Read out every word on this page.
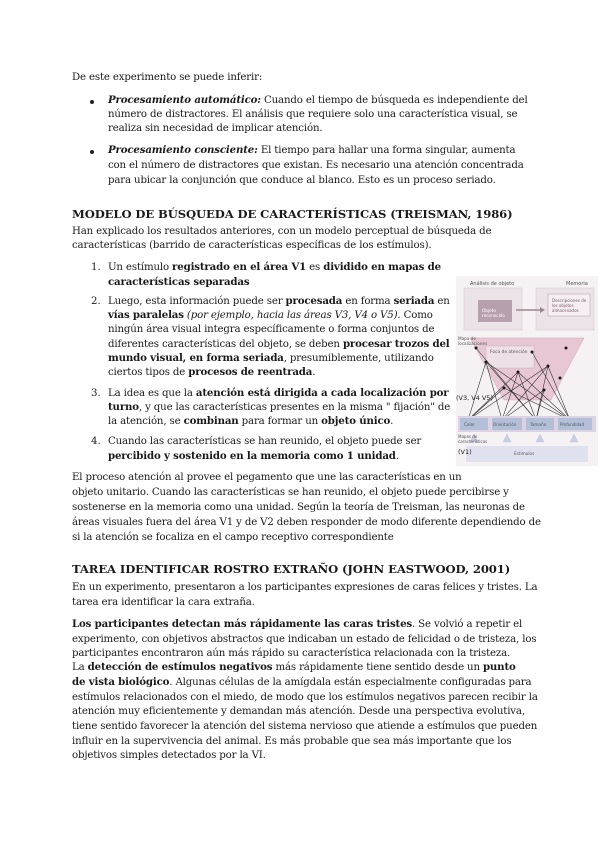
De este experimento se puede inferir:
Procesamiento automático: Cuando el tiempo de búsqueda es independiente del
número de distractores. El análisis que requiere solo una característica visual, se
realiza sin necesidad de implicar atención.
Procesamiento consciente: El tiempo para hallar una forma singular, aumenta
con el número de distractores que existan. Es necesario una atención concentrada
para ubicar la conjunción que conduce al blanco. Esto es un proceso seriado.
MODELO DE BÚSQUEDA DE CARACTERÍSTICAS (TREISMAN, 1986)
Han explicado los resultados anteriores, con un modelo perceptual de búsqueda de
características (barrido de características específicas de los estímulos).
1. Un estímulo registrado en el área V1 es dividido en mapas de
características separadas
2. Luego, esta información puede ser procesada en forma seriada en
vías paralelas (por ejemplo, hacia las áreas V3, V4 o V5). Como
ningún área visual integra específicamente o forma conjuntos de
diferentes características del objeto, se deben procesar trozos del
mundo visual, en forma seriada, presumiblemente, utilizando
ciertos tipos de procesos de reentrada.
3. La idea es que la atención está dirigida a cada localización por
turno, y que las características presentes en la misma " fijación" de
la atención, se combinan para formar un objeto único.
4. Cuando las características se han reunido, el objeto puede ser
percibido y sostenido en la memoria como 1 unidad.
Análisis de objeto	Memoria
Objeto reconocido
Descripciones de los objetos almacenados
Mapa de localizaciones
Foco de atención
Color	Orientación	Tamaño	Profundidad
Mapas de características
Estímulos
(V3, V4 V5)
(V1)
El proceso atención al provee el pegamento que une las características en un
objeto unitario. Cuando las características se han reunido, el objeto puede percibirse y
sostenerse en la memoria como una unidad. Según la teoría de Treisman, las neuronas de
áreas visuales fuera del área V1 y de V2 deben responder de modo diferente dependiendo de
si la atención se focaliza en el campo receptivo correspondiente
TAREA IDENTIFICAR ROSTRO EXTRAÑO (JOHN EASTWOOD, 2001)
En un experimento, presentaron a los participantes expresiones de caras felices y tristes. La
tarea era identificar la cara extraña.
Los participantes detectan más rápidamente las caras tristes. Se volvió a repetir el
experimento, con objetivos abstractos que indicaban un estado de felicidad o de tristeza, los
participantes encontraron aún más rápido su característica relacionada con la tristeza.
La detección de estímulos negativos más rápidamente tiene sentido desde un punto
de vista biológico. Algunas células de la amígdala están especialmente configuradas para
estímulos relacionados con el miedo, de modo que los estímulos negativos parecen recibir la
atención muy eficientemente y demandan más atención. Desde una perspectiva evolutiva,
tiene sentido favorecer la atención del sistema nervioso que atiende a estímulos que pueden
influir en la supervivencia del animal. Es más probable que sea más importante que los
objetivos simples detectados por la VI.
